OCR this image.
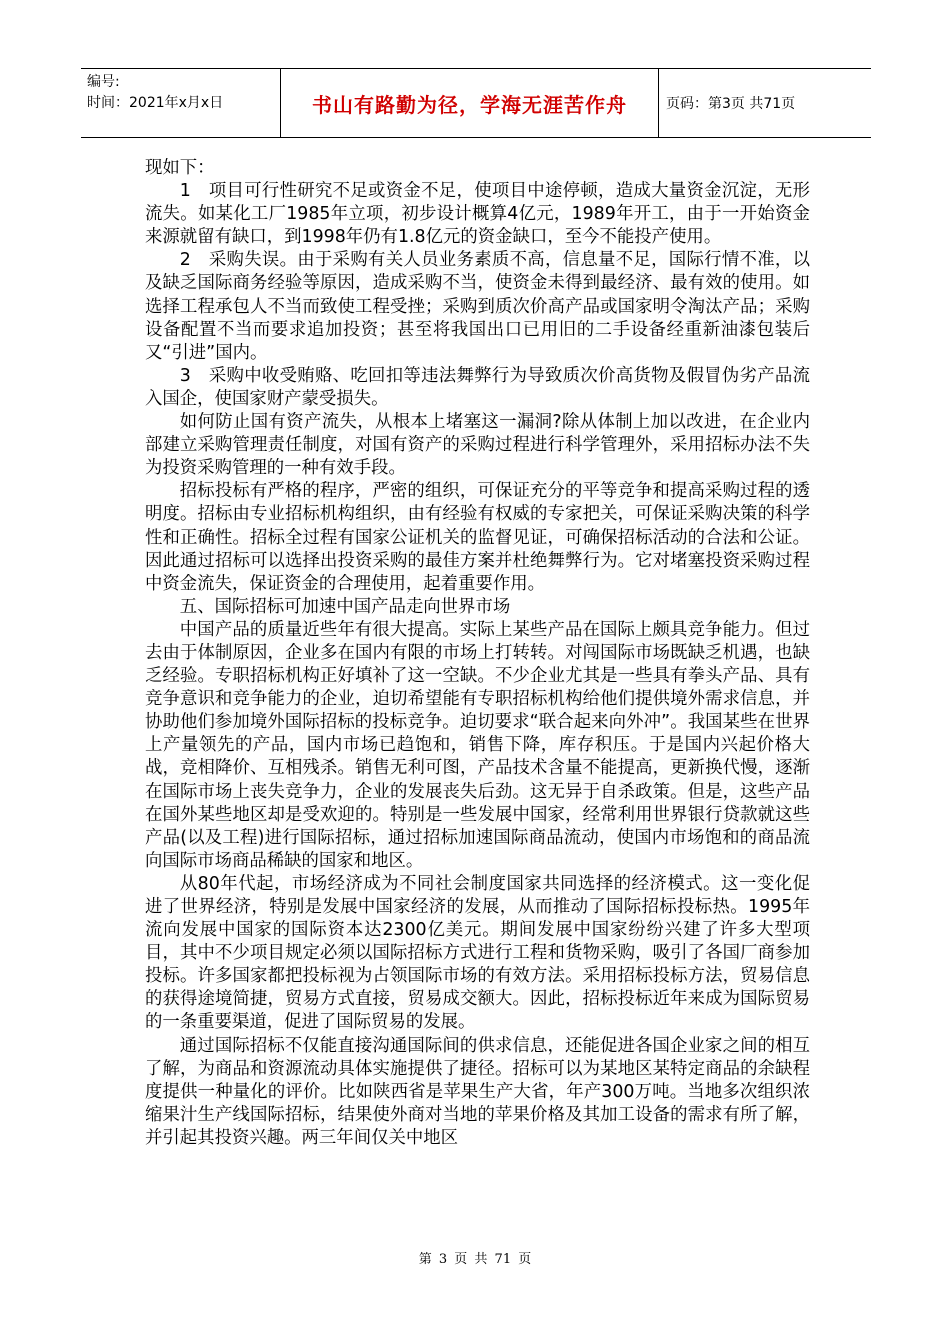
编号:
时间：2021年x月x日	书山有路勤为径，学海无涯苦作舟	页码：第3页 共71页

现如下：

1　项目可行性研究不足或资金不足，使项目中途停顿，造成大量资金沉淀，无形流失。如某化工厂1985年立项，初步设计概算4亿元，1989年开工，由于一开始资金来源就留有缺口，到1998年仍有1.8亿元的资金缺口，至今不能投产使用。

2　采购失误。由于采购有关人员业务素质不高，信息量不足，国际行情不准，以及缺乏国际商务经验等原因，造成采购不当，使资金未得到最经济、最有效的使用。如选择工程承包人不当而致使工程受挫；采购到质次价高产品或国家明令淘汰产品；采购设备配置不当而要求追加投资；甚至将我国出口已用旧的二手设备经重新油漆包装后又“引进”国内。

3　采购中收受贿赂、吃回扣等违法舞弊行为导致质次价高货物及假冒伪劣产品流入国企，使国家财产蒙受损失。

如何防止国有资产流失，从根本上堵塞这一漏洞?除从体制上加以改进，在企业内部建立采购管理责任制度，对国有资产的采购过程进行科学管理外，采用招标办法不失为投资采购管理的一种有效手段。

招标投标有严格的程序，严密的组织，可保证充分的平等竞争和提高采购过程的透明度。招标由专业招标机构组织，由有经验有权威的专家把关，可保证采购决策的科学性和正确性。招标全过程有国家公证机关的监督见证，可确保招标活动的合法和公证。因此通过招标可以选择出投资采购的最佳方案并杜绝舞弊行为。它对堵塞投资采购过程中资金流失，保证资金的合理使用，起着重要作用。

五、国际招标可加速中国产品走向世界市场

中国产品的质量近些年有很大提高。实际上某些产品在国际上颇具竞争能力。但过去由于体制原因，企业多在国内有限的市场上打转转。对闯国际市场既缺乏机遇，也缺乏经验。专职招标机构正好填补了这一空缺。不少企业尤其是一些具有拳头产品、具有竞争意识和竞争能力的企业，迫切希望能有专职招标机构给他们提供境外需求信息，并协助他们参加境外国际招标的投标竞争。迫切要求“联合起来向外冲”。我国某些在世界上产量领先的产品，国内市场已趋饱和，销售下降，库存积压。于是国内兴起价格大战，竞相降价、互相残杀。销售无利可图，产品技术含量不能提高，更新换代慢，逐渐在国际市场上丧失竞争力，企业的发展丧失后劲。这无异于自杀政策。但是，这些产品在国外某些地区却是受欢迎的。特别是一些发展中国家，经常利用世界银行贷款就这些产品(以及工程)进行国际招标，通过招标加速国际商品流动，使国内市场饱和的商品流向国际市场商品稀缺的国家和地区。

从80年代起，市场经济成为不同社会制度国家共同选择的经济模式。这一变化促进了世界经济，特别是发展中国家经济的发展，从而推动了国际招标投标热。1995年流向发展中国家的国际资本达2300亿美元。期间发展中国家纷纷兴建了许多大型项目，其中不少项目规定必须以国际招标方式进行工程和货物采购，吸引了各国厂商参加投标。许多国家都把投标视为占领国际市场的有效方法。采用招标投标方法，贸易信息的获得途境简捷，贸易方式直接，贸易成交额大。因此，招标投标近年来成为国际贸易的一条重要渠道，促进了国际贸易的发展。

通过国际招标不仅能直接沟通国际间的供求信息，还能促进各国企业家之间的相互了解，为商品和资源流动具体实施提供了捷径。招标可以为某地区某特定商品的余缺程度提供一种量化的评价。比如陕西省是苹果生产大省，年产300万吨。当地多次组织浓缩果汁生产线国际招标，结果使外商对当地的苹果价格及其加工设备的需求有所了解，并引起其投资兴趣。两三年间仅关中地区

第 3 页 共 71 页
